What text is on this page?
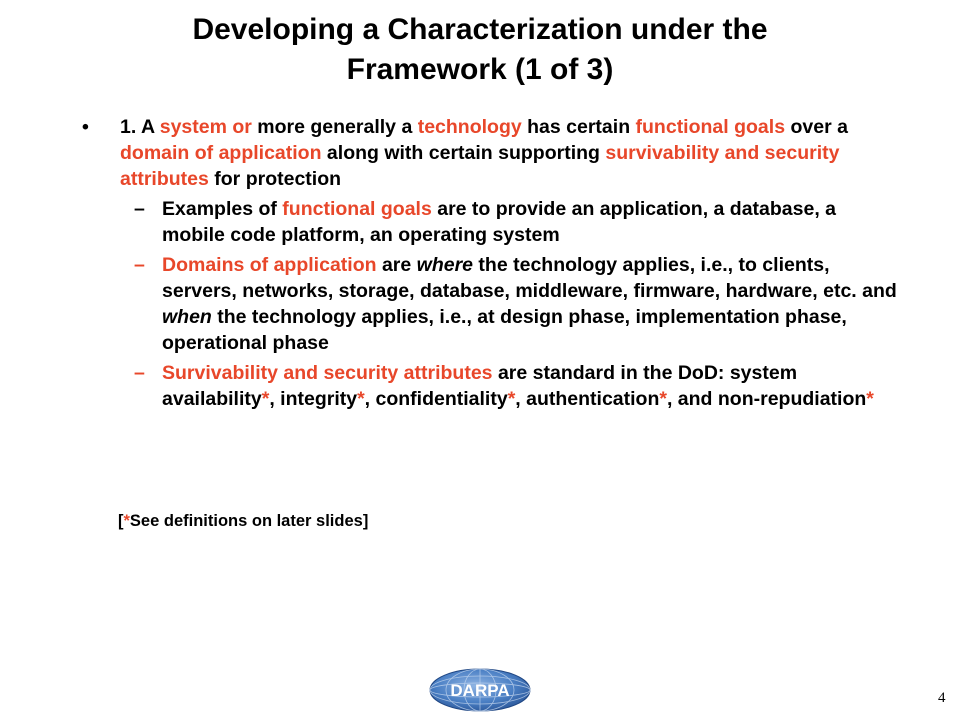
Developing a Characterization under the
Framework (1 of 3)
• 1. A system or more generally a technology has certain functional goals over a domain of application along with certain supporting survivability and security attributes for protection
– Examples of functional goals are to provide an application, a database, a mobile code platform, an operating system
– Domains of application are where the technology applies, i.e., to clients, servers, networks, storage, database, middleware, firmware, hardware, etc. and when the technology applies, i.e., at design phase, implementation phase, operational phase
– Survivability and security attributes are standard in the DoD: system availability*, integrity*, confidentiality*, authentication*, and non-repudiation*
[*See definitions on later slides]
DARPA	4
